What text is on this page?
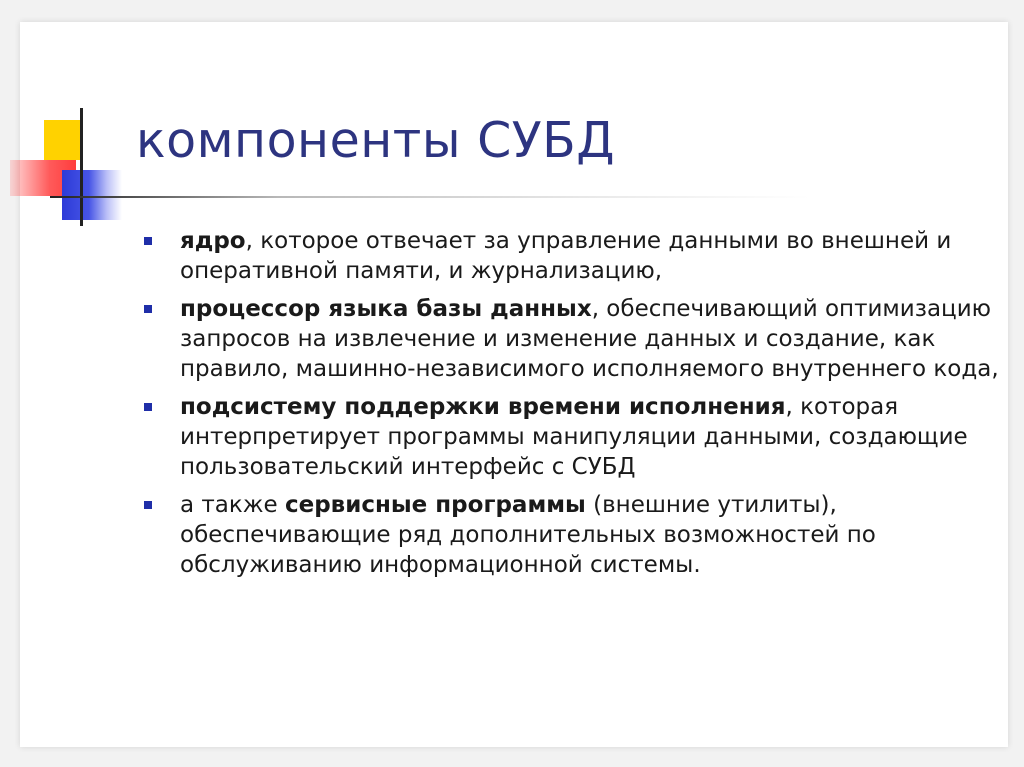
компоненты СУБД
ядро, которое отвечает за управление данными во внешней и оперативной памяти, и журнализацию,
процессор языка базы данных, обеспечивающий оптимизацию запросов на извлечение и изменение данных и создание, как правило, машинно-независимого исполняемого внутреннего кода,
подсистему поддержки времени исполнения, которая интерпретирует программы манипуляции данными, создающие пользовательский интерфейс с СУБД
а также сервисные программы (внешние утилиты), обеспечивающие ряд дополнительных возможностей по обслуживанию информационной системы.
